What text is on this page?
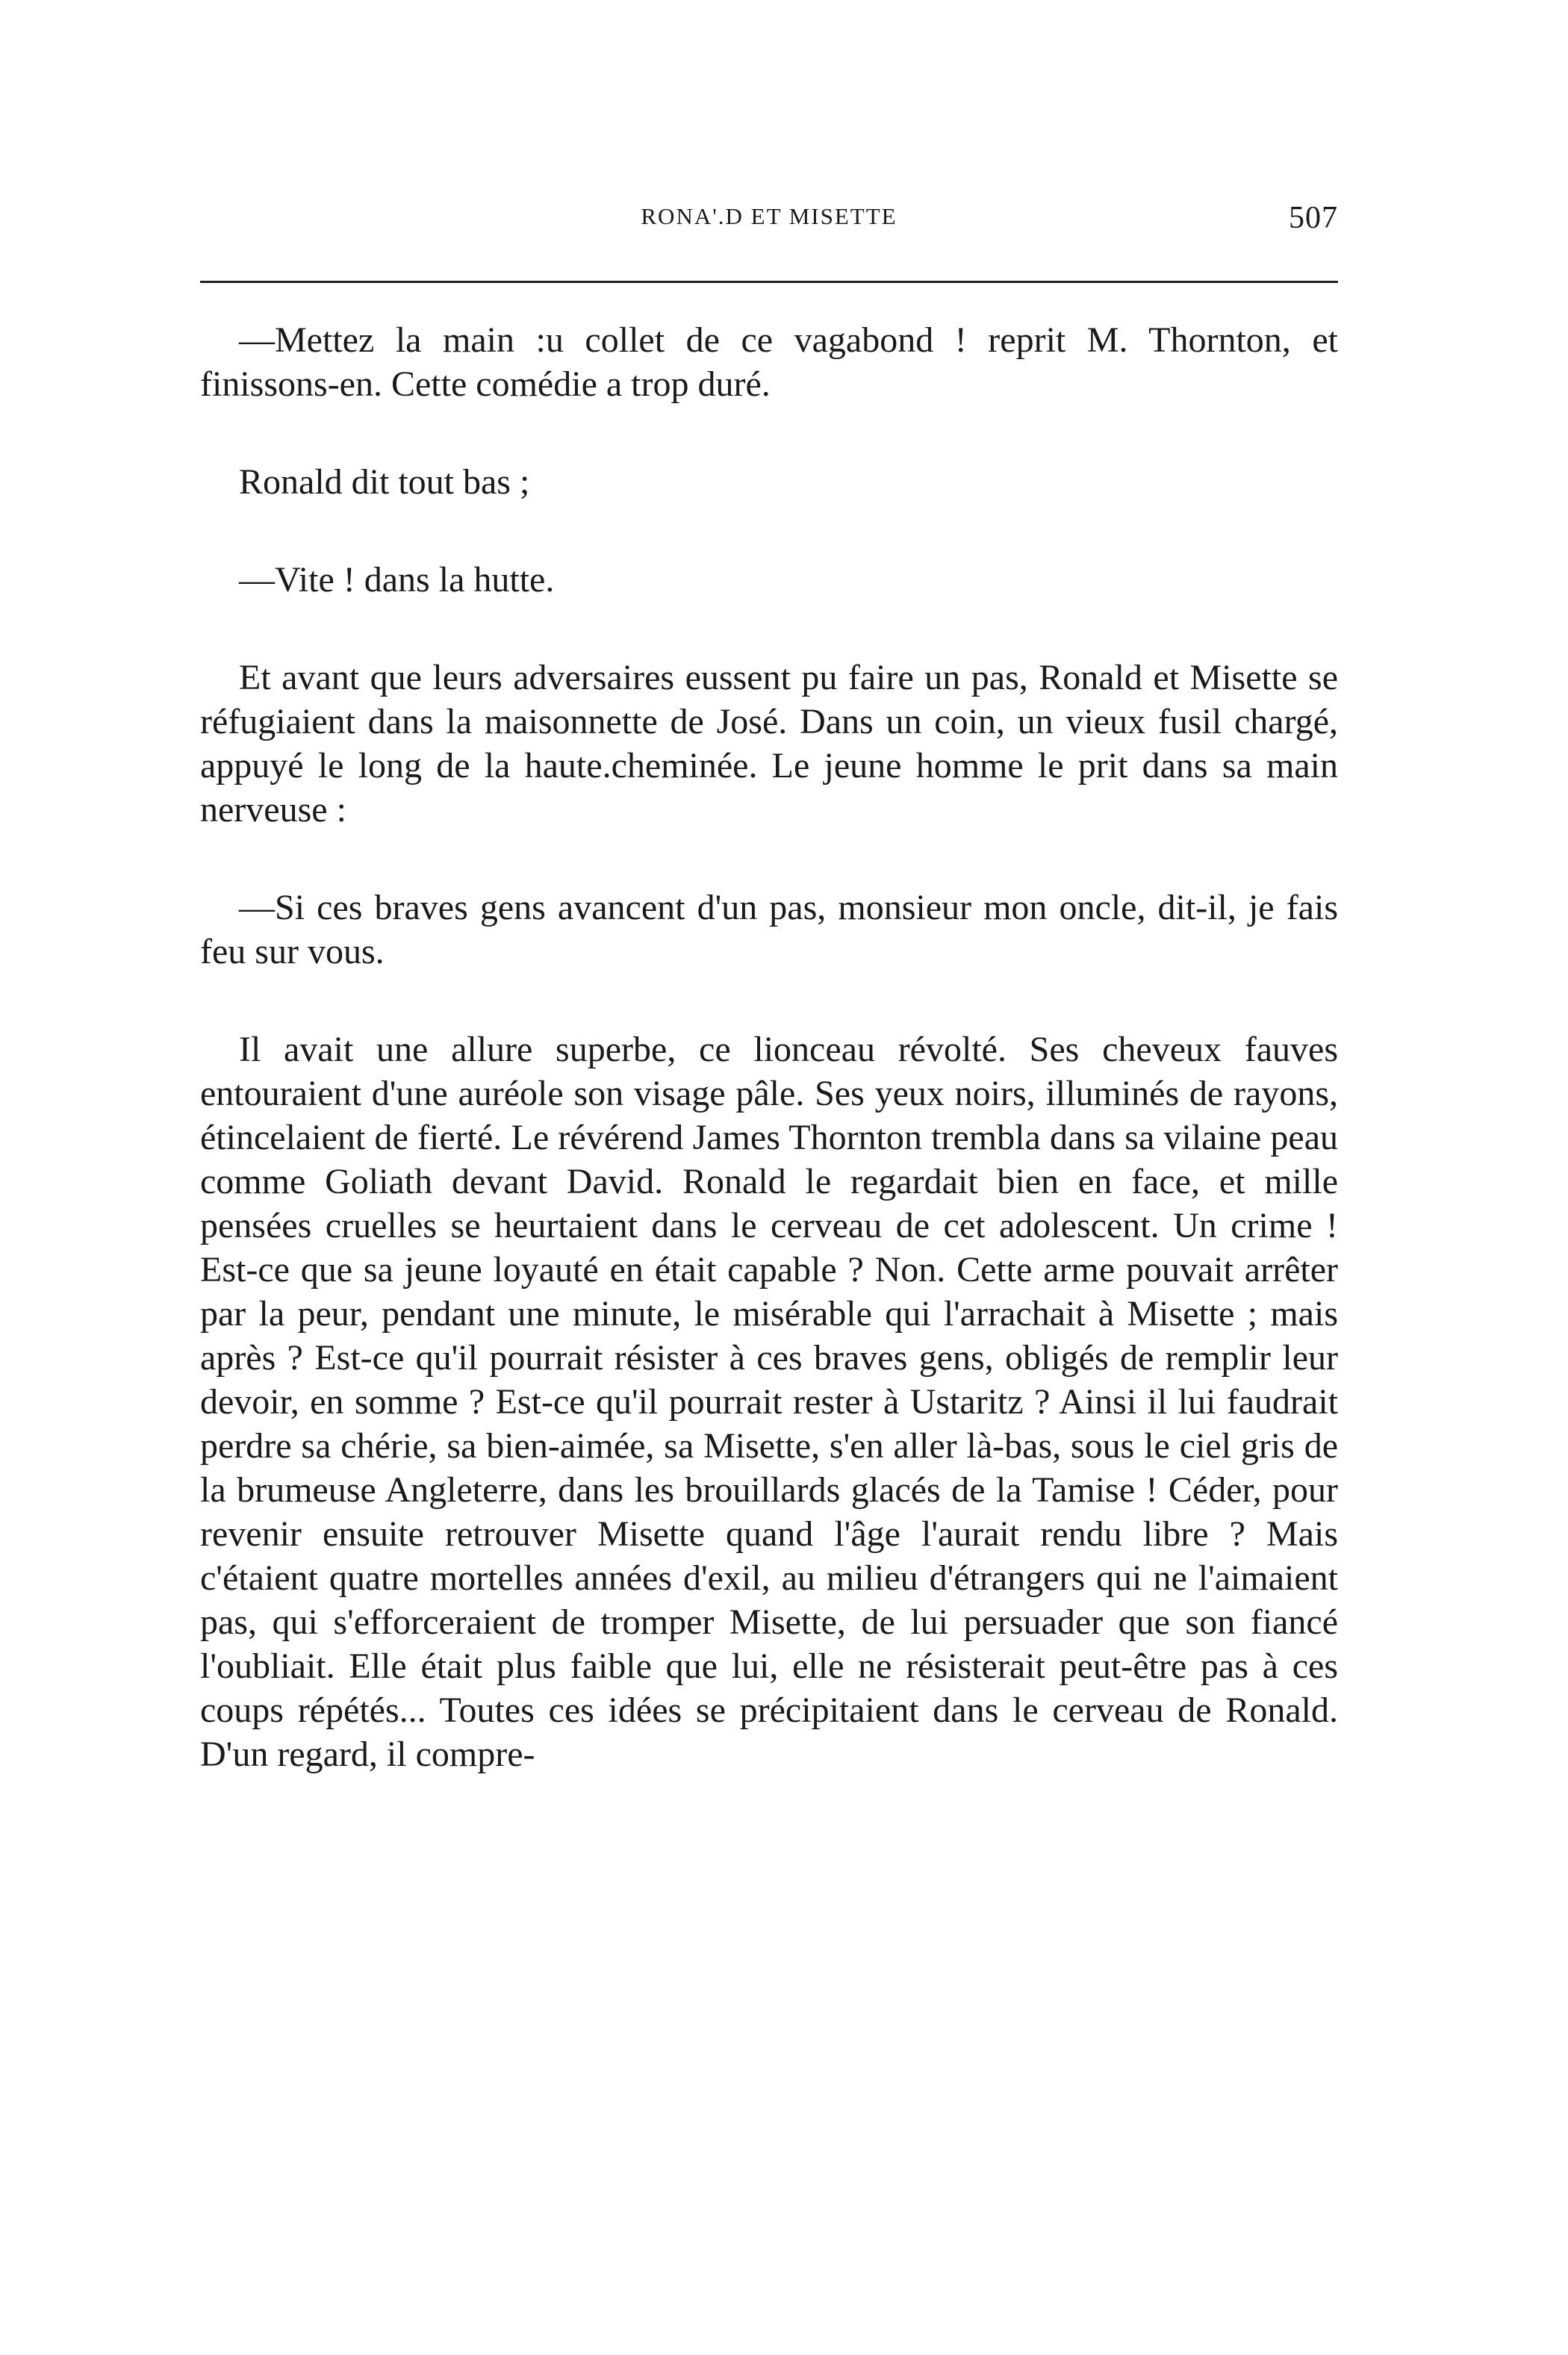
RONA'.D ET MISETTE	507

—Mettez la main :u collet de ce vagabond ! reprit M. Thornton, et finissons-en. Cette comédie a trop duré.

Ronald dit tout bas ;

—Vite ! dans la hutte.

Et avant que leurs adversaires eussent pu faire un pas, Ronald et Misette se réfugiaient dans la maisonnette de José. Dans un coin, un vieux fusil chargé, appuyé le long de la haute.cheminée. Le jeune homme le prit dans sa main nerveuse :

—Si ces braves gens avancent d'un pas, monsieur mon oncle, dit-il, je fais feu sur vous.

Il avait une allure superbe, ce lionceau révolté. Ses cheveux fauves entouraient d'une auréole son visage pâle. Ses yeux noirs, illuminés de rayons, étincelaient de fierté. Le révérend James Thornton trembla dans sa vilaine peau comme Goliath devant David. Ronald le regardait bien en face, et mille pensées cruelles se heurtaient dans le cerveau de cet adolescent. Un crime ! Est-ce que sa jeune loyauté en était capable ? Non. Cette arme pouvait arrêter par la peur, pendant une minute, le misérable qui l'arrachait à Misette ; mais après ? Est-ce qu'il pourrait résister à ces braves gens, obligés de remplir leur devoir, en somme ? Est-ce qu'il pourrait rester à Ustaritz ? Ainsi il lui faudrait perdre sa chérie, sa bien-aimée, sa Misette, s'en aller là-bas, sous le ciel gris de la brumeuse Angleterre, dans les brouillards glacés de la Tamise ! Céder, pour revenir ensuite retrouver Misette quand l'âge l'aurait rendu libre ? Mais c'étaient quatre mortelles années d'exil, au milieu d'étrangers qui ne l'aimaient pas, qui s'efforceraient de tromper Misette, de lui persuader que son fiancé l'oubliait. Elle était plus faible que lui, elle ne résisterait peut-être pas à ces coups répétés... Toutes ces idées se précipitaient dans le cerveau de Ronald. D'un regard, il compre-
